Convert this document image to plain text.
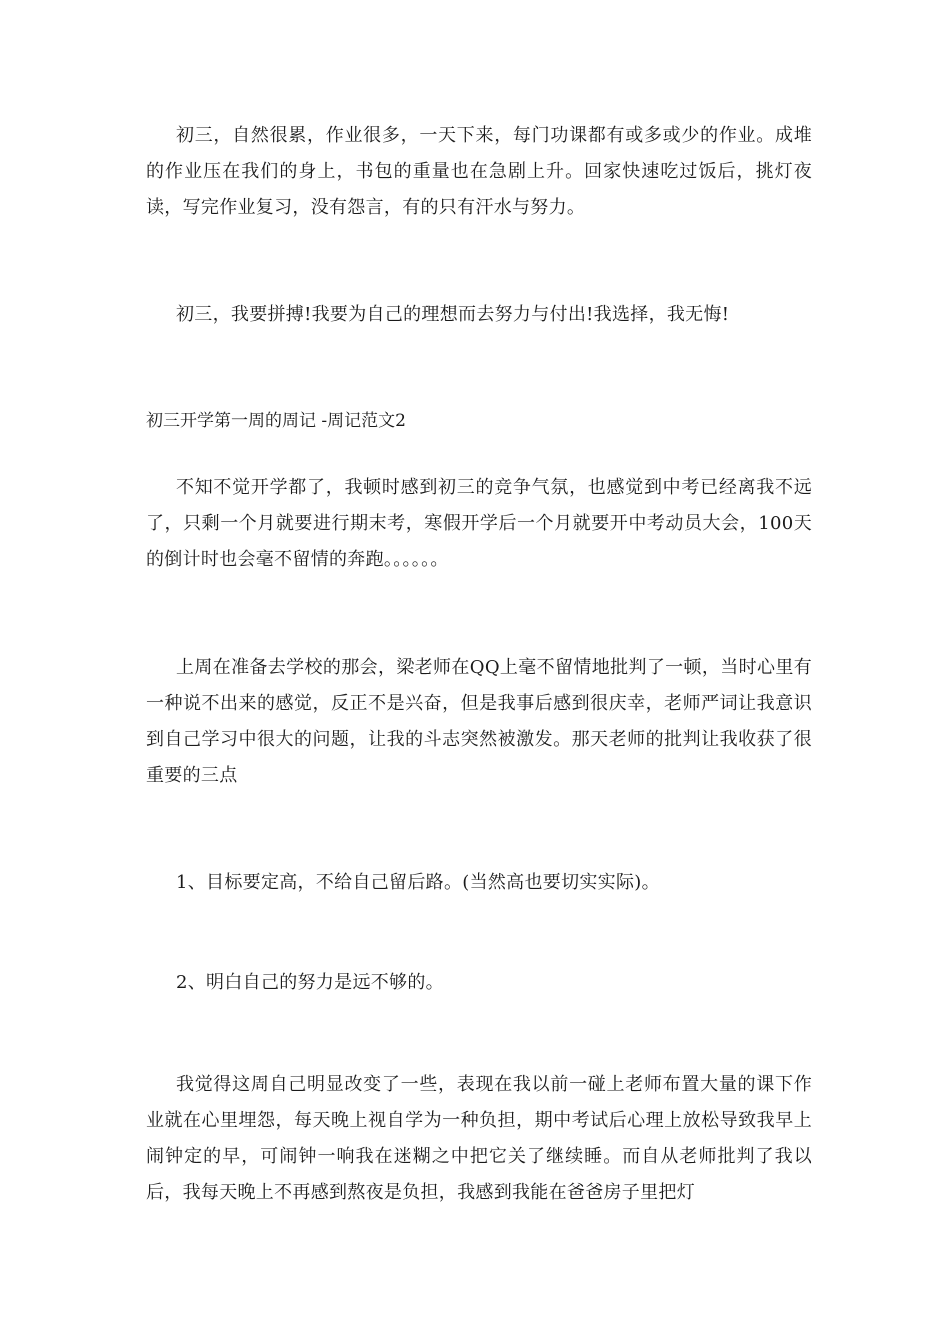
初三，自然很累，作业很多，一天下来，每门功课都有或多或少的作业。成堆的作业压在我们的身上，书包的重量也在急剧上升。回家快速吃过饭后，挑灯夜读，写完作业复习，没有怨言，有的只有汗水与努力。

初三，我要拼搏!我要为自己的理想而去努力与付出!我选择，我无悔!

初三开学第一周的周记 -周记范文2

不知不觉开学都了，我顿时感到初三的竞争气氛，也感觉到中考已经离我不远了，只剩一个月就要进行期末考，寒假开学后一个月就要开中考动员大会，100天的倒计时也会毫不留情的奔跑。。。。。。

上周在准备去学校的那会，梁老师在QQ上毫不留情地批判了一顿，当时心里有一种说不出来的感觉，反正不是兴奋，但是我事后感到很庆幸，老师严词让我意识到自己学习中很大的问题，让我的斗志突然被激发。那天老师的批判让我收获了很重要的三点

1、目标要定高，不给自己留后路。(当然高也要切实实际)。

2、明白自己的努力是远不够的。

我觉得这周自己明显改变了一些，表现在我以前一碰上老师布置大量的课下作业就在心里埋怨，每天晚上视自学为一种负担，期中考试后心理上放松导致我早上闹钟定的早，可闹钟一响我在迷糊之中把它关了继续睡。而自从老师批判了我以后，我每天晚上不再感到熬夜是负担，我感到我能在爸爸房子里把灯
